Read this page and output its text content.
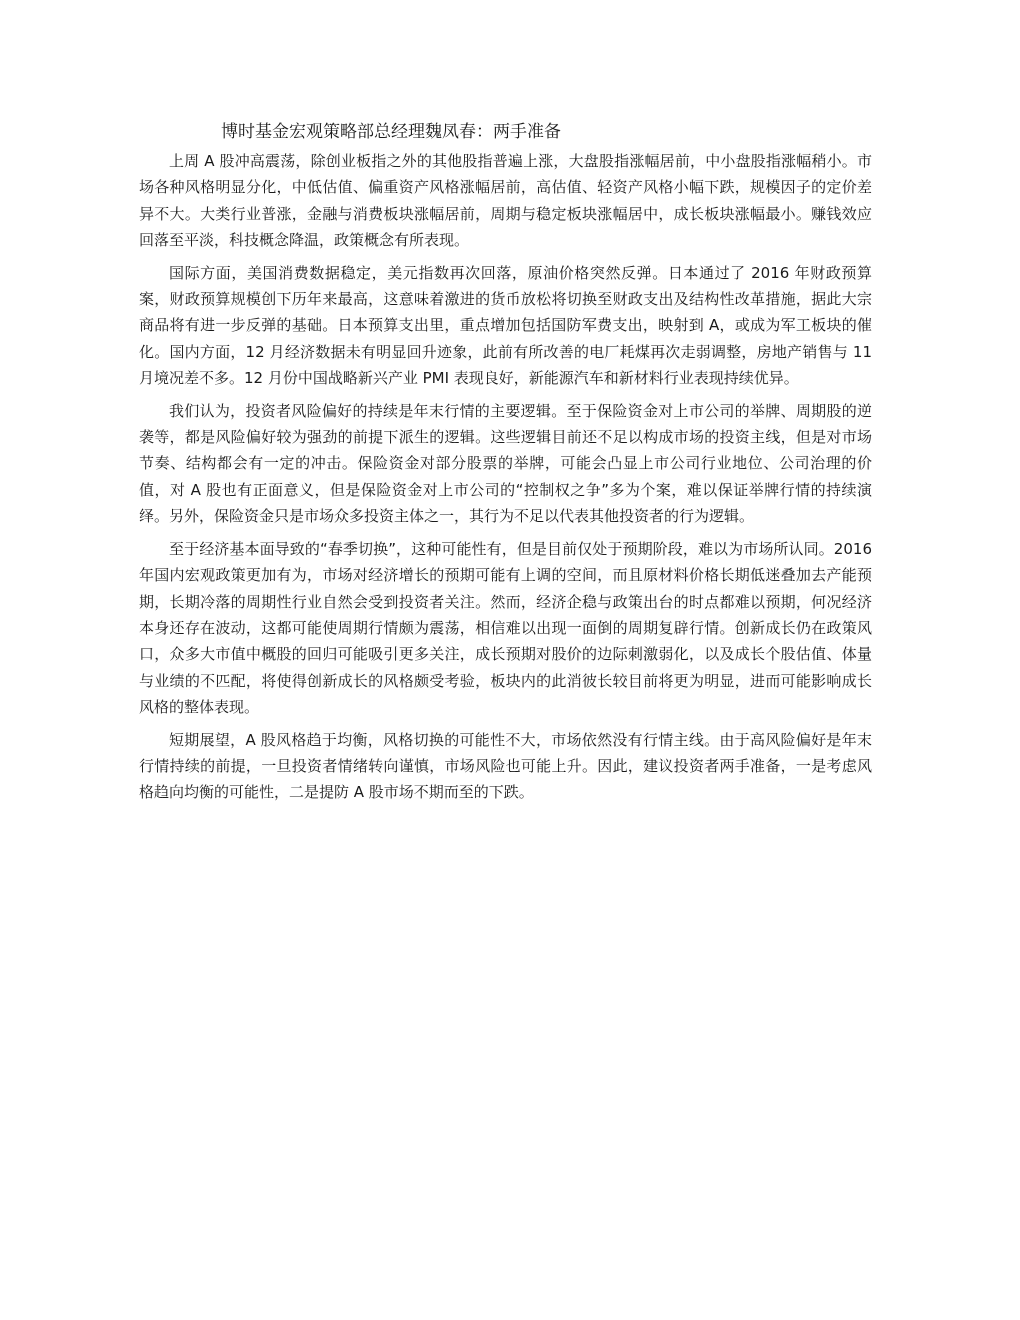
博时基金宏观策略部总经理魏凤春：两手准备

上周 A 股冲高震荡，除创业板指之外的其他股指普遍上涨，大盘股指涨幅居前，中小盘股指涨幅稍小。市场各种风格明显分化，中低估值、偏重资产风格涨幅居前，高估值、轻资产风格小幅下跌，规模因子的定价差异不大。大类行业普涨，金融与消费板块涨幅居前，周期与稳定板块涨幅居中，成长板块涨幅最小。赚钱效应回落至平淡，科技概念降温，政策概念有所表现。

国际方面，美国消费数据稳定，美元指数再次回落，原油价格突然反弹。日本通过了 2016 年财政预算案，财政预算规模创下历年来最高，这意味着激进的货币放松将切换至财政支出及结构性改革措施，据此大宗商品将有进一步反弹的基础。日本预算支出里，重点增加包括国防军费支出，映射到 A，或成为军工板块的催化。国内方面，12 月经济数据未有明显回升迹象，此前有所改善的电厂耗煤再次走弱调整，房地产销售与 11 月境况差不多。12 月份中国战略新兴产业 PMI 表现良好，新能源汽车和新材料行业表现持续优异。

我们认为，投资者风险偏好的持续是年末行情的主要逻辑。至于保险资金对上市公司的举牌、周期股的逆袭等，都是风险偏好较为强劲的前提下派生的逻辑。这些逻辑目前还不足以构成市场的投资主线，但是对市场节奏、结构都会有一定的冲击。保险资金对部分股票的举牌，可能会凸显上市公司行业地位、公司治理的价值，对 A 股也有正面意义，但是保险资金对上市公司的“控制权之争”多为个案，难以保证举牌行情的持续演绎。另外，保险资金只是市场众多投资主体之一，其行为不足以代表其他投资者的行为逻辑。

至于经济基本面导致的“春季切换”，这种可能性有，但是目前仅处于预期阶段，难以为市场所认同。2016 年国内宏观政策更加有为，市场对经济增长的预期可能有上调的空间，而且原材料价格长期低迷叠加去产能预期，长期冷落的周期性行业自然会受到投资者关注。然而，经济企稳与政策出台的时点都难以预期，何况经济本身还存在波动，这都可能使周期行情颇为震荡，相信难以出现一面倒的周期复辟行情。创新成长仍在政策风口，众多大市值中概股的回归可能吸引更多关注，成长预期对股价的边际刺激弱化，以及成长个股估值、体量与业绩的不匹配，将使得创新成长的风格颇受考验，板块内的此消彼长较目前将更为明显，进而可能影响成长风格的整体表现。

短期展望，A 股风格趋于均衡，风格切换的可能性不大，市场依然没有行情主线。由于高风险偏好是年末行情持续的前提，一旦投资者情绪转向谨慎，市场风险也可能上升。因此，建议投资者两手准备，一是考虑风格趋向均衡的可能性，二是提防 A 股市场不期而至的下跌。
